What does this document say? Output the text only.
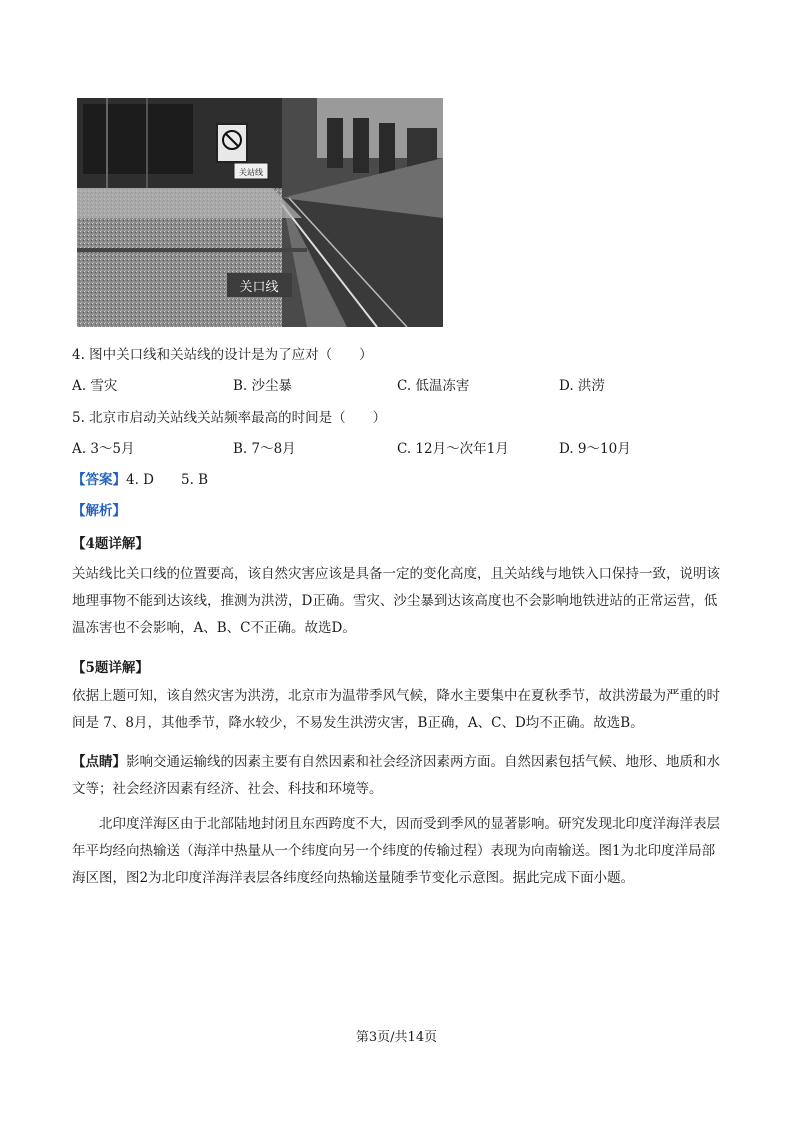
关站线
关口线
4. 图中关口线和关站线的设计是为了应对（　　）
A. 雪灾	B. 沙尘暴	C. 低温冻害	D. 洪涝
5. 北京市启动关站线关站频率最高的时间是（　　）
A. 3～5月	B. 7～8月	C. 12月～次年1月	D. 9～10月
【答案】4. D　　5. B
【解析】
【4题详解】
关站线比关口线的位置要高，该自然灾害应该是具备一定的变化高度，且关站线与地铁入口保持一致，说明该地理事物不能到达该线，推测为洪涝，D正确。雪灾、沙尘暴到达该高度也不会影响地铁进站的正常运营，低温冻害也不会影响，A、B、C不正确。故选D。
【5题详解】
依据上题可知，该自然灾害为洪涝，北京市为温带季风气候，降水主要集中在夏秋季节，故洪涝最为严重的时间是 7、8月，其他季节，降水较少，不易发生洪涝灾害，B正确，A、C、D均不正确。故选B。
【点睛】影响交通运输线的因素主要有自然因素和社会经济因素两方面。自然因素包括气候、地形、地质和水文等；社会经济因素有经济、社会、科技和环境等。
北印度洋海区由于北部陆地封闭且东西跨度不大，因而受到季风的显著影响。研究发现北印度洋海洋表层年平均经向热输送（海洋中热量从一个纬度向另一个纬度的传输过程）表现为向南输送。图1为北印度洋局部海区图，图2为北印度洋海洋表层各纬度经向热输送量随季节变化示意图。据此完成下面小题。
第3页/共14页
